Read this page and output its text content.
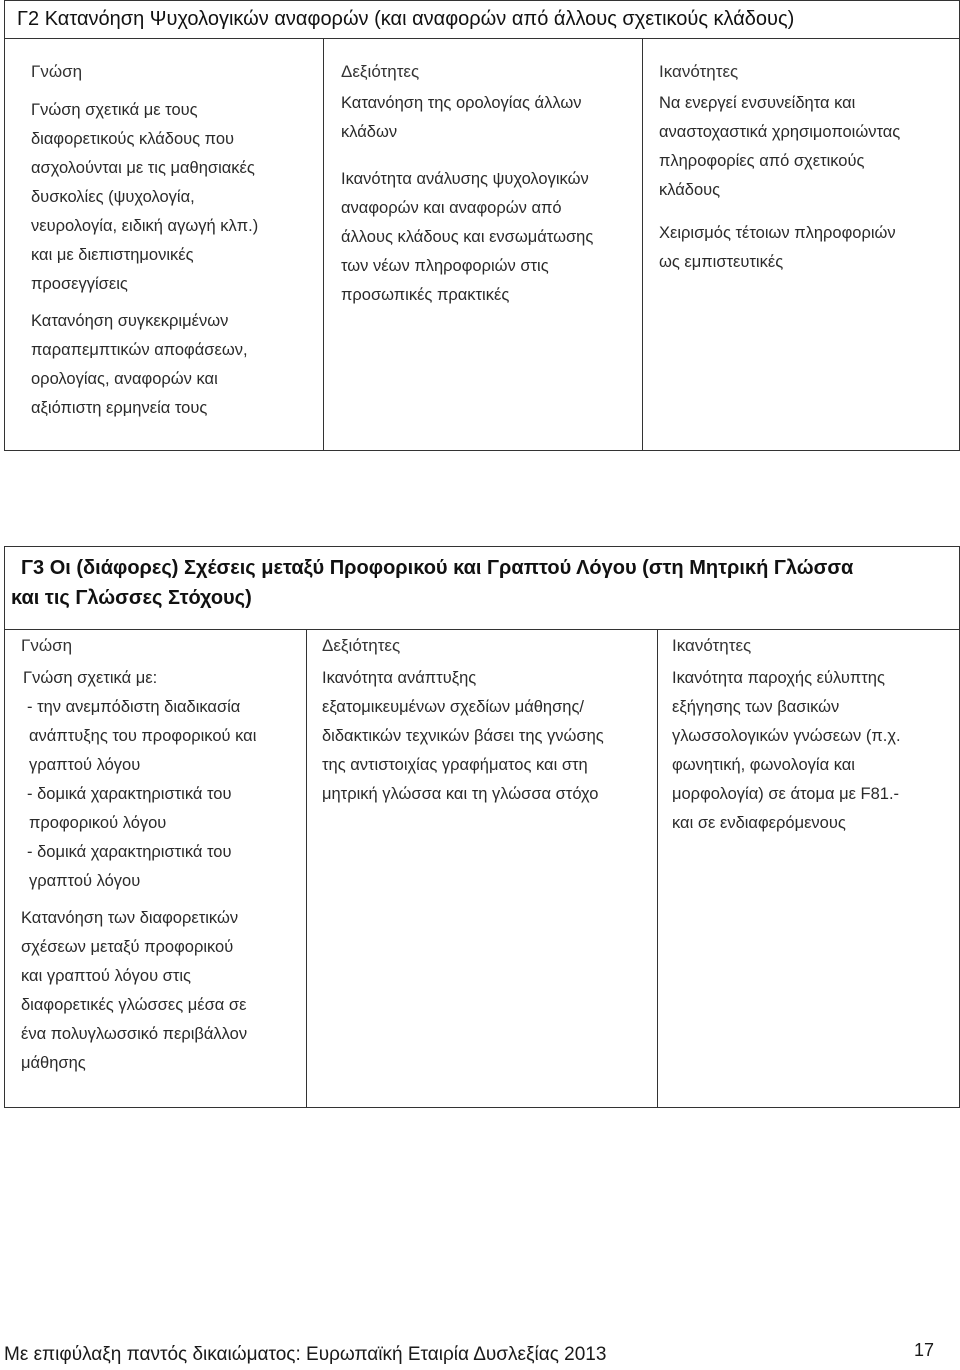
Γ2 Κατανόηση Ψυχολογικών αναφορών (και αναφορών από άλλους σχετικούς κλάδους)
Γνώση

Γνώση σχετικά με τους

διαφορετικούς κλάδους που

ασχολούνται με τις μαθησιακές

δυσκολίες (ψυχολογία,

νευρολογία, ειδική αγωγή κλπ.)

και με διεπιστημονικές

προσεγγίσεις

Κατανόηση συγκεκριμένων

παραπεμπτικών αποφάσεων,

ορολογίας, αναφορών και

αξιόπιστη ερμηνεία τους

Δεξιότητες

Κατανόηση της ορολογίας άλλων

κλάδων

Ικανότητα ανάλυσης ψυχολογικών

αναφορών και αναφορών από

άλλους κλάδους και ενσωμάτωσης

των νέων πληροφοριών στις

προσωπικές πρακτικές

Ικανότητες

Να ενεργεί ενσυνείδητα και

αναστοχαστικά χρησιμοποιώντας

πληροφορίες από σχετικούς

κλάδους

Χειρισμός τέτοιων πληροφοριών

ως εμπιστευτικές

Γ3 Οι (διάφορες) Σχέσεις μεταξύ Προφορικού και Γραπτού Λόγου (στη Μητρική Γλώσσα
και τις Γλώσσες Στόχους)
Γνώση

Γνώση σχετικά με:

- την ανεμπόδιστη διαδικασία

ανάπτυξης του προφορικού και

γραπτού λόγου

- δομικά χαρακτηριστικά του

προφορικού λόγου

- δομικά χαρακτηριστικά του

γραπτού λόγου

Κατανόηση των διαφορετικών

σχέσεων μεταξύ προφορικού

και γραπτού λόγου στις

διαφορετικές γλώσσες μέσα σε

ένα πολυγλωσσικό περιβάλλον

μάθησης

Δεξιότητες

Ικανότητα ανάπτυξης

εξατομικευμένων σχεδίων μάθησης/

διδακτικών τεχνικών βάσει της γνώσης

της αντιστοιχίας γραφήματος και στη

μητρική γλώσσα και τη γλώσσα στόχο

Ικανότητες

Ικανότητα παροχής εύλυπτης

εξήγησης των βασικών

γλωσσολογικών γνώσεων (π.χ.

φωνητική, φωνολογία και

μορφολογία) σε άτομα με F81.-

και σε ενδιαφερόμενους

Με επιφύλαξη παντός δικαιώματος: Ευρωπαϊκή Εταιρία Δυσλεξίας 2013	17
